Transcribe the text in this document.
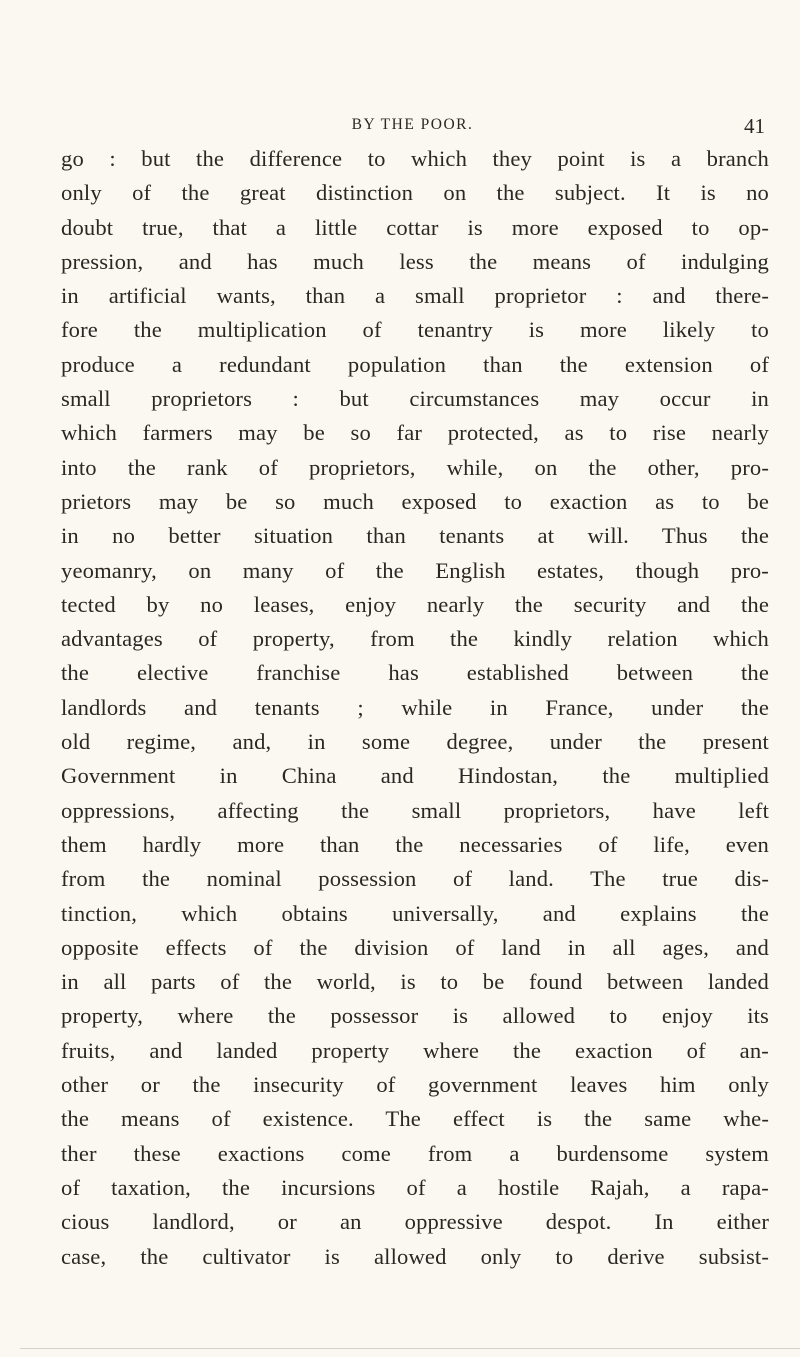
BY THE POOR.	41
go : but the difference to which they point is a branch
only of the great distinction on the subject. It is no
doubt true, that a little cottar is more exposed to op-
pression, and has much less the means of indulging
in artificial wants, than a small proprietor : and there-
fore the multiplication of tenantry is more likely to
produce a redundant population than the extension of
small proprietors : but circumstances may occur in
which farmers may be so far protected, as to rise nearly
into the rank of proprietors, while, on the other, pro-
prietors may be so much exposed to exaction as to be
in no better situation than tenants at will. Thus the
yeomanry, on many of the English estates, though pro-
tected by no leases, enjoy nearly the security and the
advantages of property, from the kindly relation which
the elective franchise has established between the
landlords and tenants ; while in France, under the
old regime, and, in some degree, under the present
Government in China and Hindostan, the multiplied
oppressions, affecting the small proprietors, have left
them hardly more than the necessaries of life, even
from the nominal possession of land. The true dis-
tinction, which obtains universally, and explains the
opposite effects of the division of land in all ages, and
in all parts of the world, is to be found between landed
property, where the possessor is allowed to enjoy its
fruits, and landed property where the exaction of an-
other or the insecurity of government leaves him only
the means of existence. The effect is the same whe-
ther these exactions come from a burdensome system
of taxation, the incursions of a hostile Rajah, a rapa-
cious landlord, or an oppressive despot. In either
case, the cultivator is allowed only to derive subsist-
